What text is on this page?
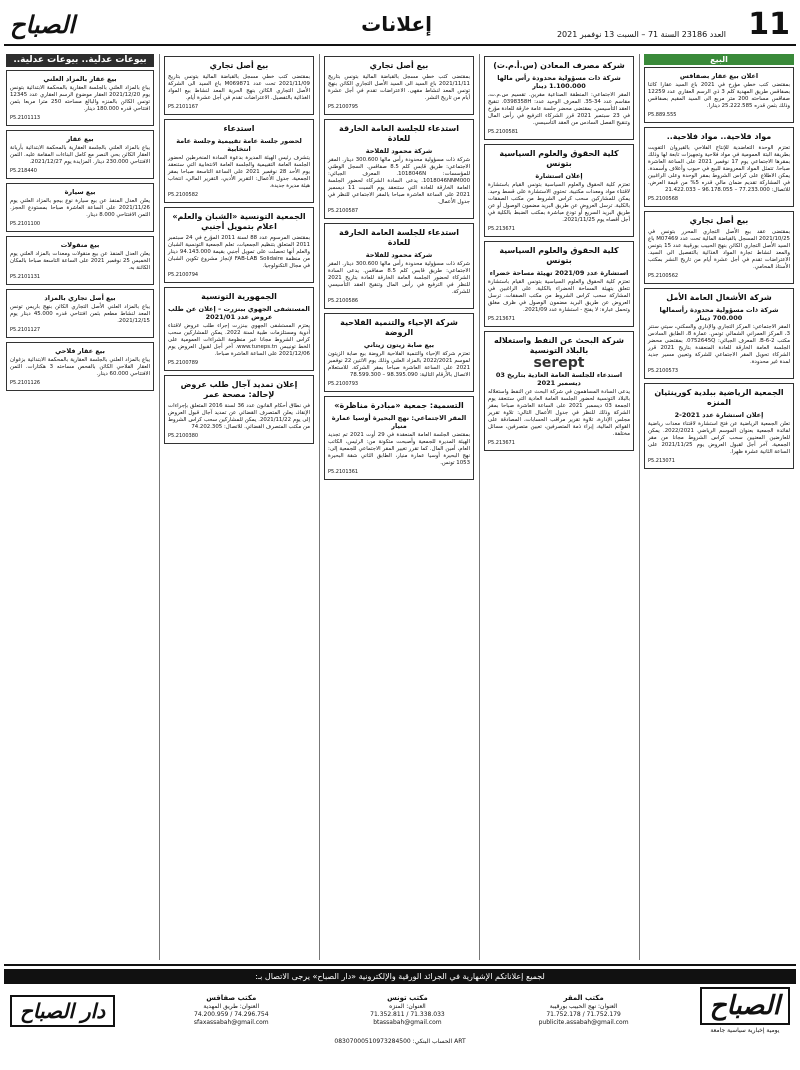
11
إعلانات	العدد 23186 السنة 71 – السبت 13 نوفمبر 2021
الصباح
البيع
اعلان بيع عقار بصفاقس

بمقتضى كتب خطي مؤرخ في 2021 باع السيد عقارا كائنا بصفاقس طريق المهدية كلم 3 ذي الرسم العقاري عدد 12259 صفاقس مساحته 200 متر مربع الى السيد المقيم بصفاقس وذلك بثمن قدره 25.222.585 دينارا.

P5.889.555
مواد فلاحية.. مواد فلاحية..

تعتزم الوحدة التعاضدية للإنتاج الفلاحي بالقيروان التفويت بطريقة البتة العمومية في مواد فلاحية وتجهيزات تابعة لها وذلك بمقرها الاجتماعي يوم 17 نوفمبر 2021 على الساعة العاشرة صباحا. تتمثل المواد المعروضة للبيع في حبوب وأعلاف وأسمدة. يمكن الاطلاع على كراس الشروط بمقر الوحدة وعلى الراغبين في المشاركة تقديم ضمان مالي قدره 5% من قيمة العرض. للاتصال: 77.233.000 – 96.178.055 – 21.422.033

P5.2100568
بيع أصل تجاري

بمقتضى عقد بيع الأصل التجاري المحرر بتونس في 2021/10/25 المسجل بالقباضة المالية تحت عدد M07469 باع السيد الأصل التجاري الكائن بنهج الحبيب بورقيبة عدد 15 بتونس والمعد لنشاط تجارة المواد الغذائية بالتفصيل الى السيد. الاعتراضات تقدم في أجل عشرة أيام من تاريخ النشر بمكتب الأستاذ المحامي.

P5.2100562
شركة الأشغال العامة الأمل
شركة ذات مسؤولية محدودة رأسمالها 700.000 دينار

المقر الاجتماعي: المركز التجاري والإداري والسكني، سيتي سنتر 3، المركز العمراني الشمالي تونس. عمارة 8، الطابق السادس مكتب B-6-2. المعرف الجبائي: 0752645Q. بمقتضى محضر الجلسة العامة الخارقة للعادة المنعقدة بتاريخ 2021 قرر الشركاء تحويل المقر الاجتماعي للشركة وتعيين مسير جديد لمدة غير محدودة.

P5.2100573
الجمعية الرياضية ببلدية كورينثيان المنزه
إعلان استشارة عدد 2021-2

تعلن الجمعية الرياضية عن فتح استشارة لاقتناء معدات رياضية لفائدة الجمعية بعنوان الموسم الرياضي 2022/2021. يمكن للعارضين المعنيين سحب كراس الشروط مجانا من مقر الجمعية. آخر أجل لقبول العروض يوم 2021/11/25 على الساعة الثانية عشرة ظهرا.

P5.213071
شركة مصرف المعادن (س.أ.م.ت)
شركة ذات مسؤولية محدودة رأس مالها 1.100.000 دينار

المقر الاجتماعي: المنطقة الصناعية مقرين. تقسيم س.م.ت، مقاسم عدد 34-35. المعرف الوحيد عدد: 0398358H. تنقيح العقد التأسيسي. بمقتضى محضر جلسة عامة خارقة للعادة مؤرخ في 23 سبتمبر 2021 قرر الشركاء الترفيع في رأس المال وتنقيح الفصل السادس من العقد التأسيسي.

P5.2100581
كلية الحقوق والعلوم السياسية بتونس
إعلان استشارة

تعتزم كلية الحقوق والعلوم السياسية بتونس القيام باستشارة لاقتناء مواد ومعدات مكتبية. تحتوي الاستشارة على قسط وحيد. يمكن للمشاركين سحب كراس الشروط من مكتب الصفقات بالكلية. ترسل العروض عن طريق البريد مضمون الوصول أو عن طريق البريد السريع أو تودع مباشرة بمكتب الضبط بالكلية في أجل أقصاه يوم 2021/11/25.

P5.213671
كلية الحقوق والعلوم السياسية بتونس
استشارة عدد 2021/09 تهيئة مساحة خضراء

تعتزم كلية الحقوق والعلوم السياسية بتونس القيام باستشارة تتعلق بتهيئة المساحة الخضراء بالكلية. على الراغبين في المشاركة سحب كراس الشروط من مكتب الصفقات. ترسل العروض عن طريق البريد مضمون الوصول في ظرف مغلق وتحمل عبارة: لا يفتح - استشارة عدد 2021/09.

P5.213671
شركة البحث عن النفط واستغلاله بالبلاد التونسية
serept
استدعاء للجلسة العامة العادية بتاريخ 03 ديسمبر 2021

يدعى السادة المساهمون في شركة البحث عن النفط واستغلاله بالبلاد التونسية لحضور الجلسة العامة العادية التي ستنعقد يوم الجمعة 03 ديسمبر 2021 على الساعة العاشرة صباحا بمقر الشركة وذلك للنظر في جدول الأعمال التالي: تلاوة تقرير مجلس الإدارة، تلاوة تقرير مراقب الحسابات، المصادقة على القوائم المالية، إبراء ذمة المتصرفين، تعيين متصرفين، مسائل مختلفة.

P5.213671
بيع أصل تجاري

بمقتضى كتب خطي مسجل بالقباضة المالية بتونس بتاريخ 2021/11/11 باع السيد الى السيد الأصل التجاري الكائن بنهج تونس المعد لنشاط مقهى. الاعتراضات تقدم في أجل عشرة أيام من تاريخ النشر.

P5.2100795
استدعاء للجلسة العامة الخارقة للعادة
شركة محمود للفلاحة

شركة ذات مسؤولية محدودة رأس مالها 300.600 دينار. المقر الاجتماعي: طريق قابس كلم 8.5 صفاقس. السجل الوطني للمؤسسات: 1018046N. المعرف الجبائي: 1018046NNM000. يدعى السادة الشركاء لحضور الجلسة العامة الخارقة للعادة التي ستنعقد يوم السبت 11 ديسمبر 2021 على الساعة العاشرة صباحا بالمقر الاجتماعي للنظر في جدول الأعمال.

P5.2100587
استدعاء للجلسة العامة الخارقة للعادة
شركة محمود للفلاحة

شركة ذات مسؤولية محدودة رأس مالها 300.600 دينار. المقر الاجتماعي: طريق قابس كلم 8.5 صفاقس. يدعى السادة الشركاء لحضور الجلسة العامة الخارقة للعادة بتاريخ 2021 للنظر في الترفيع في رأس المال وتنقيح العقد التأسيسي للشركة.

P5.2100586
شركة الإحياء والتنمية الفلاحية الروضة
بيع صابة زيتون زيتاني

تعتزم شركة الإحياء والتنمية الفلاحية الروضة بيع صابة الزيتون لموسم 2022/2021 بالمزاد العلني وذلك يوم الاثنين 22 نوفمبر 2021 على الساعة العاشرة صباحا بمقر الشركة. للاستعلام الاتصال بالأرقام التالية: 98.395.090 – 78.599.300

P5.2100793
التسمية: جمعية «مبادرة مناظرة»
المقر الاجتماعي: نهج البحيرة أوسيا عمارة منيار

بمقتضى الجلسة العامة المنعقدة في 29 أوت 2021 تم تجديد الهيئة المديرة للجمعية وأصبحت متكونة من: الرئيس، الكاتب العام، أمين المال. كما تقرر تغيير المقر الاجتماعي للجمعية إلى: نهج البحيرة أوسيا عمارة منيار، الطابق الثاني شقة البحيرة 1053 تونس.

P5.2101361
بيع أصل تجاري

بمقتضى كتب خطي مسجل بالقباضة المالية بتونس بتاريخ 2021/11/09 تحت عدد M069871 باع السيد الى الشركة الأصل التجاري الكائن بنهج الحرية المعد لنشاط بيع المواد الغذائية بالتفصيل. الاعتراضات تقدم في أجل عشرة أيام.

P5.2101167
استدعاء
لحضور جلسة عامة تقييمية وجلسة عامة انتخابية

يتشرف رئيس الهيئة المديرة بدعوة السادة المنخرطين لحضور الجلسة العامة التقييمية والجلسة العامة الانتخابية التي ستنعقد يوم الأحد 28 نوفمبر 2021 على الساعة التاسعة صباحا بمقر الجمعية. جدول الأعمال: التقرير الأدبي، التقرير المالي، انتخاب هيئة مديرة جديدة.

P5.2100582
الجمعية التونسية «الشبان والعلم» اعلام بتمويل أجنبي

بمقتضى المرسوم عدد 88 لسنة 2011 المؤرخ في 24 سبتمبر 2011 المتعلق بتنظيم الجمعيات، تعلم الجمعية التونسية الشبان والعلم أنها تحصلت على تمويل أجنبي بقيمة 94.143.000 دينار من منظمة FAB-LAB Solidaire لإنجاز مشروع تكوين الشبان في مجال التكنولوجيا.

P5.2100794
الجمهورية التونسية
المستشفى الجهوي ببنزرت – إعلان عن طلب عروض عدد 2021/01

يعتزم المستشفى الجهوي ببنزرت إجراء طلب عروض لاقتناء أدوية ومستلزمات طبية لسنة 2022. يمكن للمشاركين سحب كراس الشروط مجانا عبر منظومة الشراءات العمومية على الخط تونيبس www.tuneps.tn. آخر أجل لقبول العروض يوم 2021/12/06 على الساعة العاشرة صباحا.

P5.2100789
إعلان تمديد آجال طلب عروض لإحالة: مصحة عمر

في نطاق أحكام القانون عدد 36 لسنة 2016 المتعلق بإجراءات الإنقاذ، يعلن المتصرف القضائي عن تمديد آجال قبول العروض إلى يوم 2021/11/22. يمكن للمشاركين سحب كراس الشروط من مكتب المتصرف القضائي. للاتصال: 74.202.305

P5.2100380
بيوعات عدلية.. بيوعات عدلية..
بيع عقار بالمزاد العلني

يباع بالمزاد العلني بالجلسة العقارية بالمحكمة الابتدائية بتونس يوم 2021/12/20 العقار موضوع الرسم العقاري عدد 12345 تونس الكائن بالمنزه والبالغ مساحته 250 مترا مربعا بثمن افتتاحي قدره 180.000 دينار.

P5.2101113
بيع عقار

يباع بالمزاد العلني بالجلسة العقارية بالمحكمة الابتدائية بأريانة العقار الكائن بحي النصر مع كامل البناءات المقامة عليه. الثمن الافتتاحي 230.000 دينار. المزايدة يوم 2021/12/27.

P5.218440
بيع سيارة

يعلن العدل المنفذ عن بيع سيارة نوع بيجو بالمزاد العلني يوم 2021/11/26 على الساعة العاشرة صباحا بمستودع الحجز. الثمن الافتتاحي 8.000 دينار.

P5.2101100
بيع منقولات

يعلن العدل المنفذ عن بيع منقولات ومعدات بالمزاد العلني يوم الخميس 25 نوفمبر 2021 على الساعة التاسعة صباحا بالمكان الكائنة به.

P5.2101131
بيع أصل تجاري بالمزاد

يباع بالمزاد العلني الأصل التجاري الكائن بنهج باريس تونس المعد لنشاط مطعم بثمن افتتاحي قدره 45.000 دينار يوم 2021/12/15.

P5.2101127
بيع عقار فلاحي

يباع بالمزاد العلني بالجلسة العقارية بالمحكمة الابتدائية بزغوان العقار الفلاحي الكائن بالفحص مساحته 3 هكتارات. الثمن الافتتاحي 60.000 دينار.

P5.2101126
لجميع إعلاناتكم الإشهارية في الجرائد الورقية والإلكترونية «دار الصباح» يرجى الاتصال بـ:
الصباح
يومية إخبارية سياسية جامعة
مكتب المقر
العنوان: نهج الحبيب بورقيبة
71.752.179 / 71.752.178
publicite.assabah@gmail.com
مكتب تونس
العنوان: المنزه
71.338.033 / 71.352.811
btassabah@gmail.com
مكتب صفاقس
العنوان: طريق المهدية
74.296.754 / 74.200.959
sfaxassabah@gmail.com
دار الصباح
الحساب البنكي: 08307000510973284500 ART
